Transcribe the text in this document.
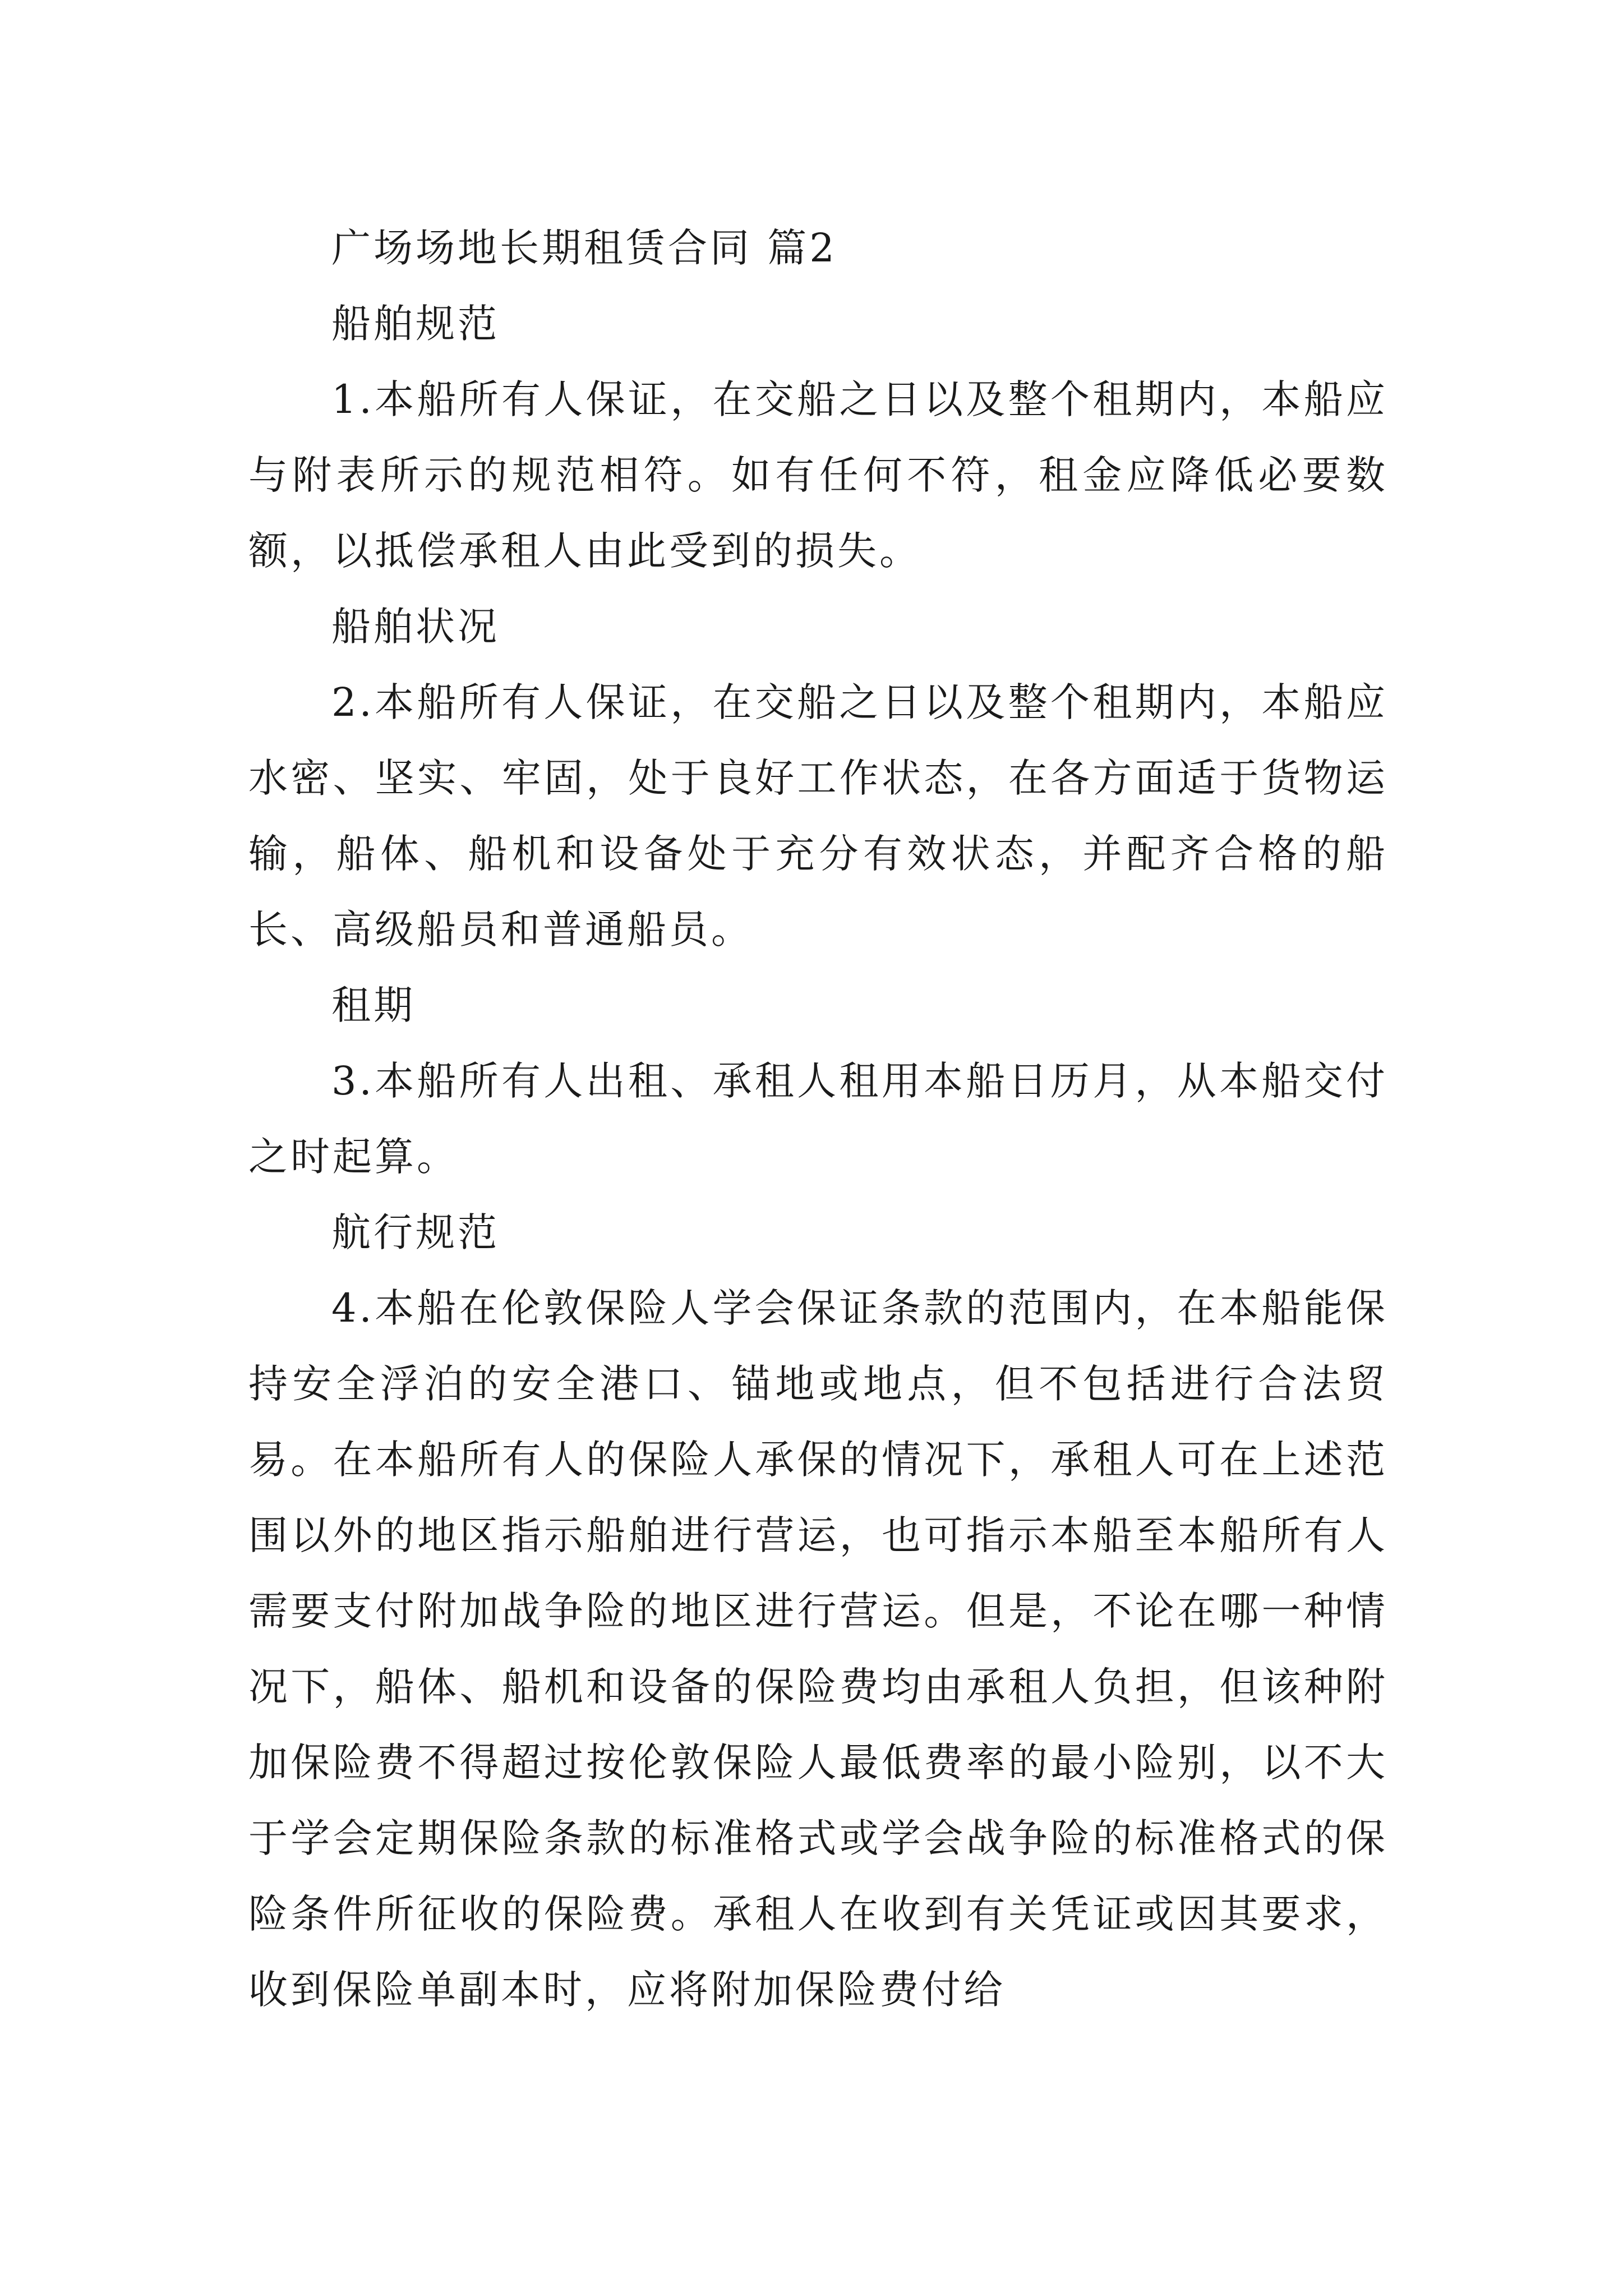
广场场地长期租赁合同 篇2

船舶规范

1.本船所有人保证，在交船之日以及整个租期内，本船应与附表所示的规范相符。如有任何不符，租金应降低必要数额，以抵偿承租人由此受到的损失。

船舶状况

2.本船所有人保证，在交船之日以及整个租期内，本船应水密、坚实、牢固，处于良好工作状态，在各方面适于货物运输，船体、船机和设备处于充分有效状态，并配齐合格的船长、高级船员和普通船员。

租期

3.本船所有人出租、承租人租用本船日历月，从本船交付之时起算。

航行规范

4.本船在伦敦保险人学会保证条款的范围内，在本船能保持安全浮泊的安全港口、锚地或地点，但不包括进行合法贸易。在本船所有人的保险人承保的情况下，承租人可在上述范围以外的地区指示船舶进行营运，也可指示本船至本船所有人需要支付附加战争险的地区进行营运。但是，不论在哪一种情况下，船体、船机和设备的保险费均由承租人负担，但该种附加保险费不得超过按伦敦保险人最低费率的最小险别，以不大于学会定期保险条款的标准格式或学会战争险的标准格式的保险条件所征收的保险费。承租人在收到有关凭证或因其要求，收到保险单副本时，应将附加保险费付给
